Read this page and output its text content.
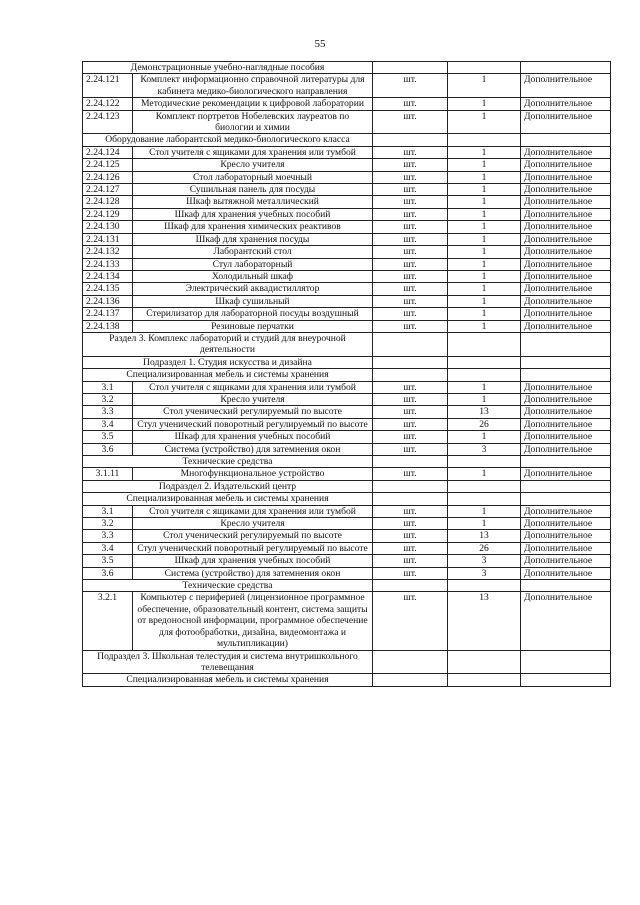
55
Демонстрационные учебно-наглядные пособия				
2.24.121	Комплект информационно справочной литературы для кабинета медико-биологического направления	шт.	1	Дополнительное
2.24.122	Методические рекомендации к цифровой лаборатории	шт.	1	Дополнительное
2.24.123	Комплект портретов Нобелевских лауреатов по биологии и химии	шт.	1	Дополнительное
Оборудование лаборантской медико-биологического класса				
2.24.124	Стол учителя с ящиками для хранения или тумбой	шт.	1	Дополнительное
2.24.125	Кресло учителя	шт.	1	Дополнительное
2.24.126	Стол лабораторный моечный	шт.	1	Дополнительное
2.24.127	Сушильная панель для посуды	шт.	1	Дополнительное
2.24.128	Шкаф вытяжной металлический	шт.	1	Дополнительное
2.24.129	Шкаф для хранения учебных пособий	шт.	1	Дополнительное
2.24.130	Шкаф для хранения химических реактивов	шт.	1	Дополнительное
2.24.131	Шкаф для хранения посуды	шт.	1	Дополнительное
2.24.132	Лаборантский стол	шт.	1	Дополнительное
2.24.133	Стул лабораторный	шт.	1	Дополнительное
2.24.134	Холодильный шкаф	шт.	1	Дополнительное
2.24.135	Электрический аквадистиллятор	шт.	1	Дополнительное
2.24.136	Шкаф сушильный	шт.	1	Дополнительное
2.24.137	Стерилизатор для лабораторной посуды воздушный	шт.	1	Дополнительное
2.24.138	Резиновые перчатки	шт.	1	Дополнительное
Раздел 3. Комплекс лабораторий и студий для внеурочной деятельности				
Подраздел 1. Студия искусства и дизайна				
Специализированная мебель и системы хранения				
3.1	Стол учителя с ящиками для хранения или тумбой	шт.	1	Дополнительное
3.2	Кресло учителя	шт.	1	Дополнительное
3.3	Стол ученический регулируемый по высоте	шт.	13	Дополнительное
3.4	Стул ученический поворотный регулируемый по высоте	шт.	26	Дополнительное
3.5	Шкаф для хранения учебных пособий	шт.	1	Дополнительное
3.6	Система (устройство) для затемнения окон	шт.	3	Дополнительное
Технические средства				
3.1.11	Многофункциональное устройство	шт.	1	Дополнительное
Подраздел 2. Издательский центр				
Специализированная мебель и системы хранения				
3.1	Стол учителя с ящиками для хранения или тумбой	шт.	1	Дополнительное
3.2	Кресло учителя	шт.	1	Дополнительное
3.3	Стол ученический регулируемый по высоте	шт.	13	Дополнительное
3.4	Стул ученический поворотный регулируемый по высоте	шт.	26	Дополнительное
3.5	Шкаф для хранения учебных пособий	шт.	3	Дополнительное
3.6	Система (устройство) для затемнения окон	шт.	3	Дополнительное
Технические средства				
3.2.1	Компьютер с периферией (лицензионное программное обеспечение, образовательный контент, система защиты от вредоносной информации, программное обеспечение для фотообработки, дизайна, видеомонтажа и мультипликации)	шт.	13	Дополнительное
Подраздел 3. Школьная телестудия и система внутришкольного телевещания				
Специализированная мебель и системы хранения				
